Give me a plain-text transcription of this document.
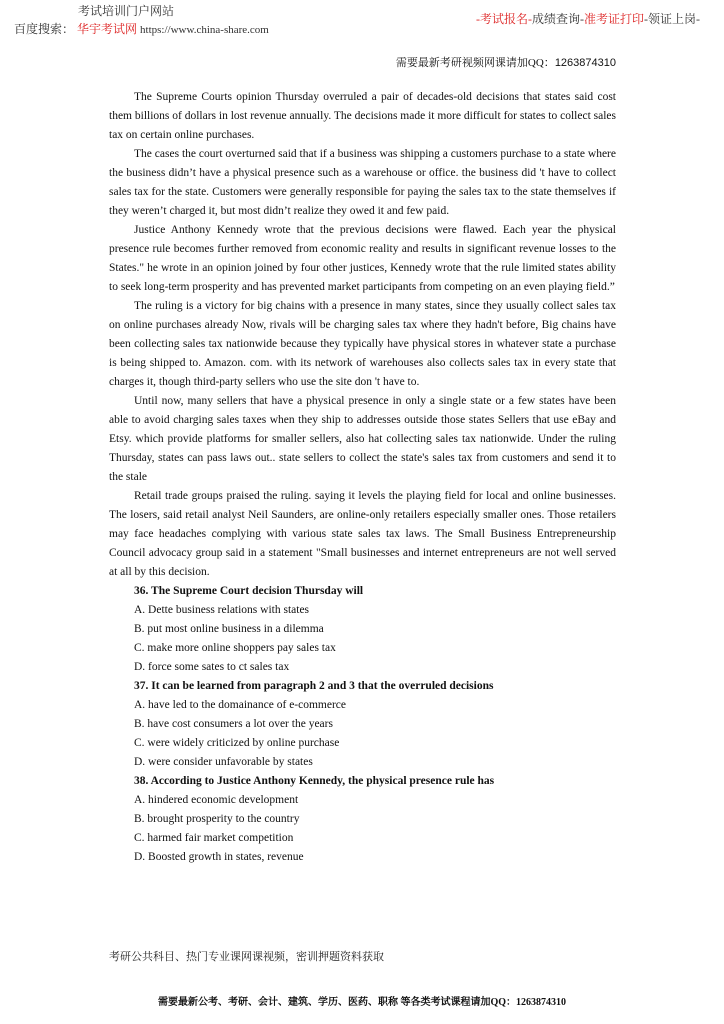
考试培训门户网站
百度搜索： 华宇考试网 https://www.china-share.com
-考试报名-成绩查询-准考证打印-领证上岗-
需要最新考研视频网课请加QQ：1263874310

The Supreme Courts opinion Thursday overruled a pair of decades-old decisions that states said cost them billions of dollars in lost revenue annually. The decisions made it more difficult for states to collect sales tax on certain online purchases.

The cases the court overturned said that if a business was shipping a customers purchase to a state where the business didn’t have a physical presence such as a warehouse or office. the business did 't have to collect sales tax for the state. Customers were generally responsible for paying the sales tax to the state themselves if they weren’t charged it, but most didn’t realize they owed it and few paid.

Justice Anthony Kennedy wrote that the previous decisions were flawed. Each year the physical presence rule becomes further removed from economic reality and results in significant revenue losses to the States." he wrote in an opinion joined by four other justices, Kennedy wrote that the rule limited states ability to seek long-term prosperity and has prevented market participants from competing on an even playing field.”

The ruling is a victory for big chains with a presence in many states, since they usually collect sales tax on online purchases already Now, rivals will be charging sales tax where they hadn't before, Big chains have been collecting sales tax nationwide because they typically have physical stores in whatever state a purchase is being shipped to. Amazon. com. with its network of warehouses also collects sales tax in every state that charges it, though third-party sellers who use the site don 't have to.

Until now, many sellers that have a physical presence in only a single state or a few states have been able to avoid charging sales taxes when they ship to addresses outside those states Sellers that use eBay and Etsy. which provide platforms for smaller sellers, also hat collecting sales tax nationwide. Under the ruling Thursday, states can pass laws out.. state sellers to collect the state's sales tax from customers and send it to the stale

Retail trade groups praised the ruling. saying it levels the playing field for local and online businesses. The losers, said retail analyst Neil Saunders, are online-only retailers especially smaller ones. Those retailers may face headaches complying with various state sales tax laws. The Small Business Entrepreneurship Council advocacy group said in a statement "Small businesses and internet entrepreneurs are not well served at all by this decision.

36. The Supreme Court decision Thursday will

A. Dette business relations with states

B. put most online business in a dilemma

C. make more online shoppers pay sales tax

D. force some sates to ct sales tax

37. It can be learned from paragraph 2 and 3 that the overruled decisions

A. have led to the domainance of e-commerce

B. have cost consumers a lot over the years

C. were widely criticized by online purchase

D. were consider unfavorable by states

38. According to Justice Anthony Kennedy, the physical presence rule has

A. hindered economic development

B. brought prosperity to the country

C. harmed fair market competition

D. Boosted growth in states, revenue

考研公共科目、热门专业课网课视频，密训押题资料获取
需要最新公考、考研、会计、建筑、学历、医药、职称 等各类考试课程请加QQ：1263874310
